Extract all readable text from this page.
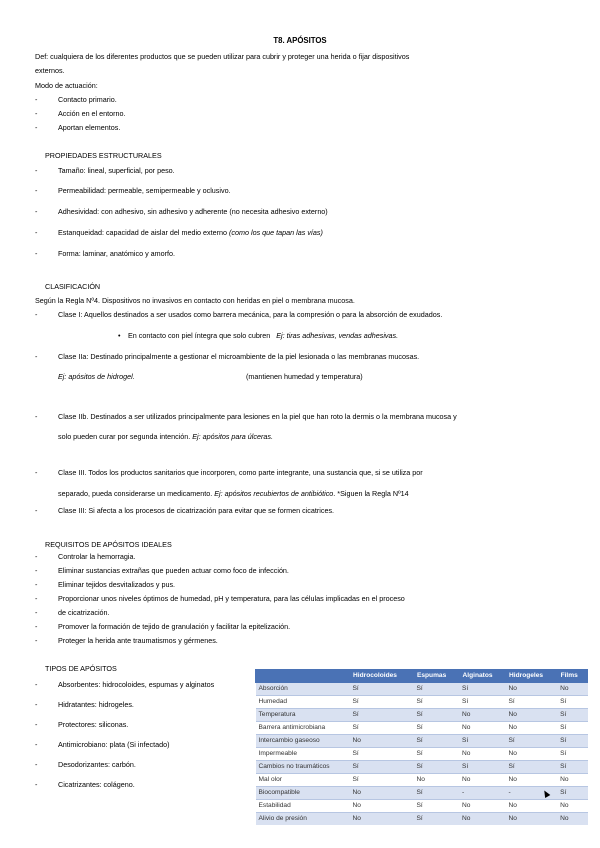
T8. APÓSITOS
Def: cualquiera de los diferentes productos que se pueden utilizar para cubrir y proteger una herida o fijar dispositivos
externos.
Modo de actuación:
-	Contacto primario.
-	Acción en el entorno.
-	Aportan elementos.
PROPIEDADES ESTRUCTURALES
-	Tamaño: lineal, superficial, por peso.
-	Permeabilidad: permeable, semipermeable y oclusivo.
-	Adhesividad: con adhesivo, sin adhesivo y adherente (no necesita adhesivo externo)
-	Estanqueidad: capacidad de aislar del medio externo (como los que tapan las vías)
-	Forma: laminar, anatómico y amorfo.
CLASIFICACIÓN
Según la Regla Nº4. Dispositivos no invasivos en contacto con heridas en piel o membrana mucosa.
-	Clase I: Aquellos destinados a ser usados como barrera mecánica, para la compresión o para la absorción de exudados.
• En contacto con piel íntegra que solo cubren Ej: tiras adhesivas, vendas adhesivas.
-	Clase IIa: Destinado principalmente a gestionar el microambiente de la piel lesionada o las membranas mucosas.
Ej: apósitos de hidrogel.	(mantienen humedad y temperatura)
-	Clase IIb. Destinados a ser utilizados principalmente para lesiones en la piel que han roto la dermis o la membrana mucosa y
solo pueden curar por segunda intención. Ej: apósitos para úlceras.
-	Clase III. Todos los productos sanitarios que incorporen, como parte integrante, una sustancia que, si se utiliza por
separado, pueda considerarse un medicamento. Ej: apósitos recubiertos de antibiótico. *Siguen la Regla Nº14
-	Clase III: Si afecta a los procesos de cicatrización para evitar que se formen cicatrices.
REQUISITOS DE APÓSITOS IDEALES
-	Controlar la hemorragia.
-	Eliminar sustancias extrañas que pueden actuar como foco de infección.
-	Eliminar tejidos desvitalizados y pus.
-	Proporcionar unos niveles óptimos de humedad, pH y temperatura, para las células implicadas en el proceso
-	de cicatrización.
-	Promover la formación de tejido de granulación y facilitar la epitelización.
-	Proteger la herida ante traumatismos y gérmenes.
TIPOS DE APÓSITOS
-	Absorbentes: hidrocoloides, espumas y alginatos
-	Hidratantes: hidrogeles.
-	Protectores: siliconas.
-	Antimicrobiano: plata (Si infectado)
-	Desodorizantes: carbón.
-	Cicatrizantes: colágeno.
	Hidrocoloides	Espumas	Alginatos	Hidrogeles	Films
Absorción	Sí	Sí	Sí	No	No
Humedad	Sí	Sí	Sí	Sí	Sí
Temperatura	Sí	Sí	No	No	Sí
Barrera antimicrobiana	Sí	Sí	No	No	Sí
Intercambio gaseoso	No	Sí	Sí	Sí	Sí
Impermeable	Sí	Sí	No	No	Sí
Cambios no traumáticos	Sí	Sí	Sí	Sí	Sí
Mal olor	Sí	No	No	No	No
Biocompatible	No	Sí	-	-	Sí
Estabilidad	No	Sí	No	No	No
Alivio de presión	No	Sí	No	No	No
